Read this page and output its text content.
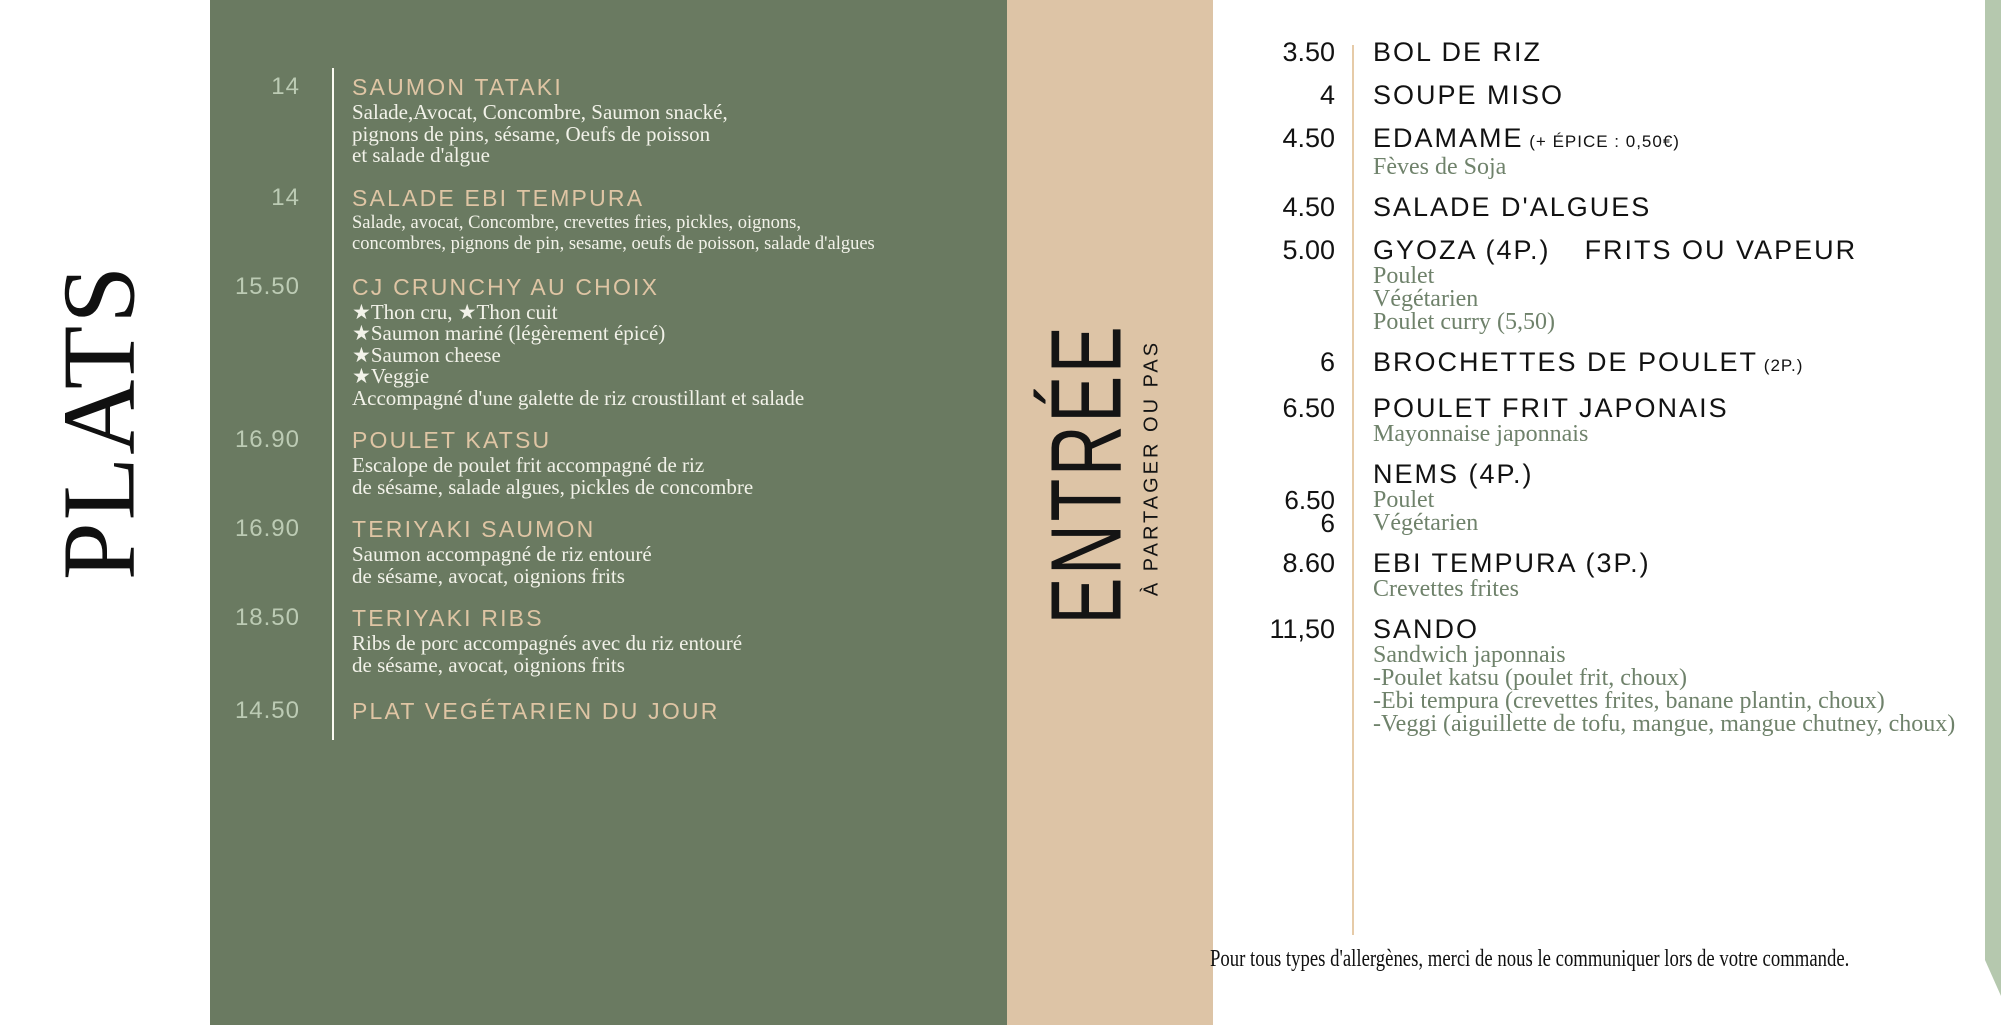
PLATS
14 SAUMON TATAKI
Salade,Avocat, Concombre, Saumon snacké,
pignons de pins, sésame, Oeufs de poisson
et salade d'algue
14 SALADE EBI TEMPURA
Salade, avocat, Concombre, crevettes fries, pickles, oignons,
concombres, pignons de pin, sesame, oeufs de poisson, salade d'algues
15.50 CJ CRUNCHY AU CHOIX
★Thon cru, ★Thon cuit
★Saumon mariné (légèrement épicé)
★Saumon cheese
★Veggie
Accompagné d'une galette de riz croustillant et salade
16.90 POULET KATSU
Escalope de poulet frit accompagné de riz
de sésame, salade algues, pickles de concombre
16.90 TERIYAKI SAUMON
Saumon accompagné de riz entouré
de sésame, avocat, oignions frits
18.50 TERIYAKI RIBS
Ribs de porc accompagnés avec du riz entouré
de sésame, avocat, oignions frits
14.50 PLAT VEGÉTARIEN DU JOUR
ENTRÉE
À PARTAGER OU PAS
3.50 BOL DE RIZ
4 SOUPE MISO
4.50 EDAMAME (+ ÉPICE : 0,50€)
Fèves de Soja
4.50 SALADE D'ALGUES
5.00 GYOZA (4P.) FRITS OU VAPEUR
Poulet
Végétarien
Poulet curry (5,50)
6 BROCHETTES DE POULET (2P.)
6.50 POULET FRIT JAPONAIS
Mayonnaise japonnais
6.50
6
NEMS (4P.)
Poulet
Végétarien
8.60 EBI TEMPURA (3P.)
Crevettes frites
11,50 SANDO
Sandwich japonnais
-Poulet katsu (poulet frit, choux)
-Ebi tempura (crevettes frites, banane plantin, choux)
-Veggi (aiguillette de tofu, mangue, mangue chutney, choux)
Pour tous types d'allergènes, merci de nous le communiquer lors de votre commande.
